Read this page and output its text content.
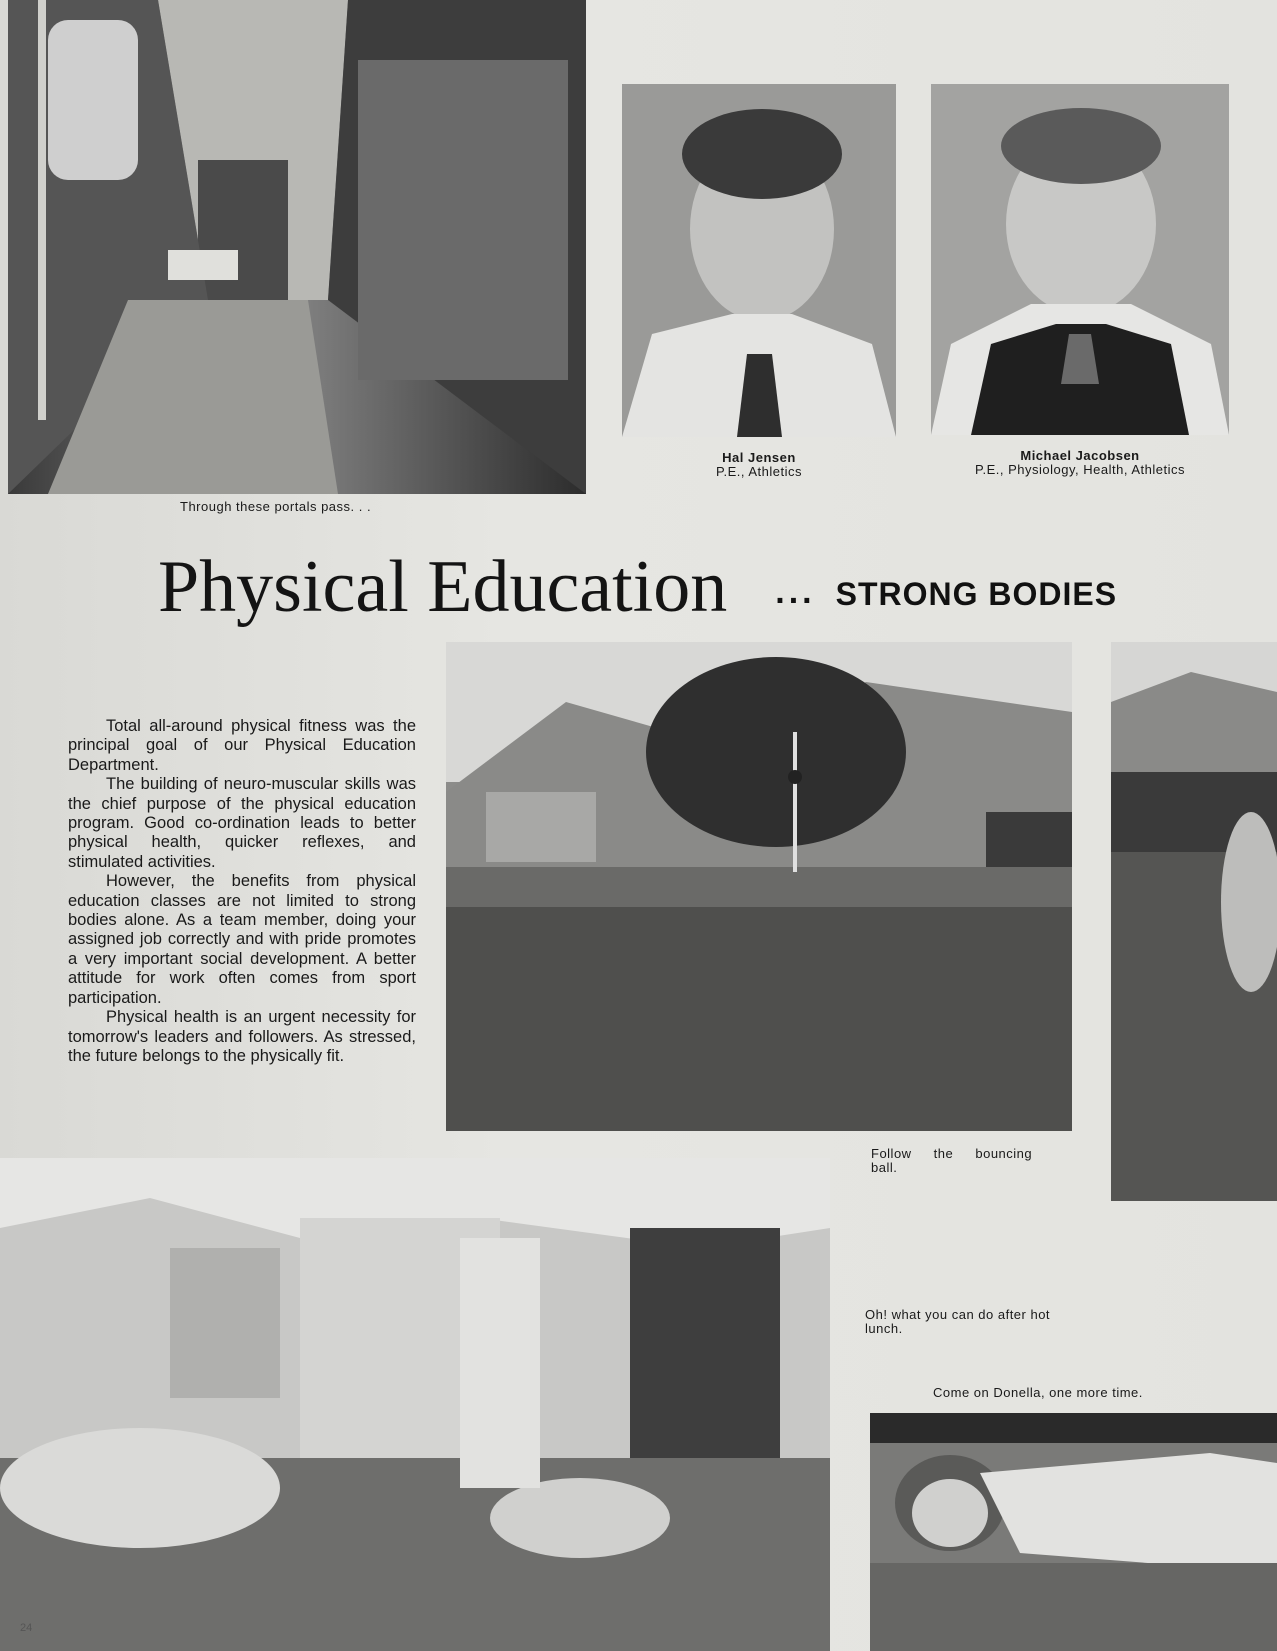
Through these portals pass. . .
Hal Jensen
P.E., Athletics
Michael Jacobsen
P.E., Physiology, Health, Athletics
Physical Education ... STRONG BODIES

Total all-around physical fitness was the principal goal of our Physical Education Department.

The building of neuro-muscular skills was the chief purpose of the physical education program. Good co-ordination leads to better physical health, quicker reflexes, and stimulated activities.

However, the benefits from physical education classes are not limited to strong bodies alone. As a team member, doing your assigned job correctly and with pride promotes a very important social development. A better attitude for work often comes from sport participation.

Physical health is an urgent necessity for tomorrow's leaders and followers. As stressed, the future belongs to the physically fit.

Follow the bouncing ball.
Oh! what you can do after hot lunch.
Come on Donella, one more time.
24
